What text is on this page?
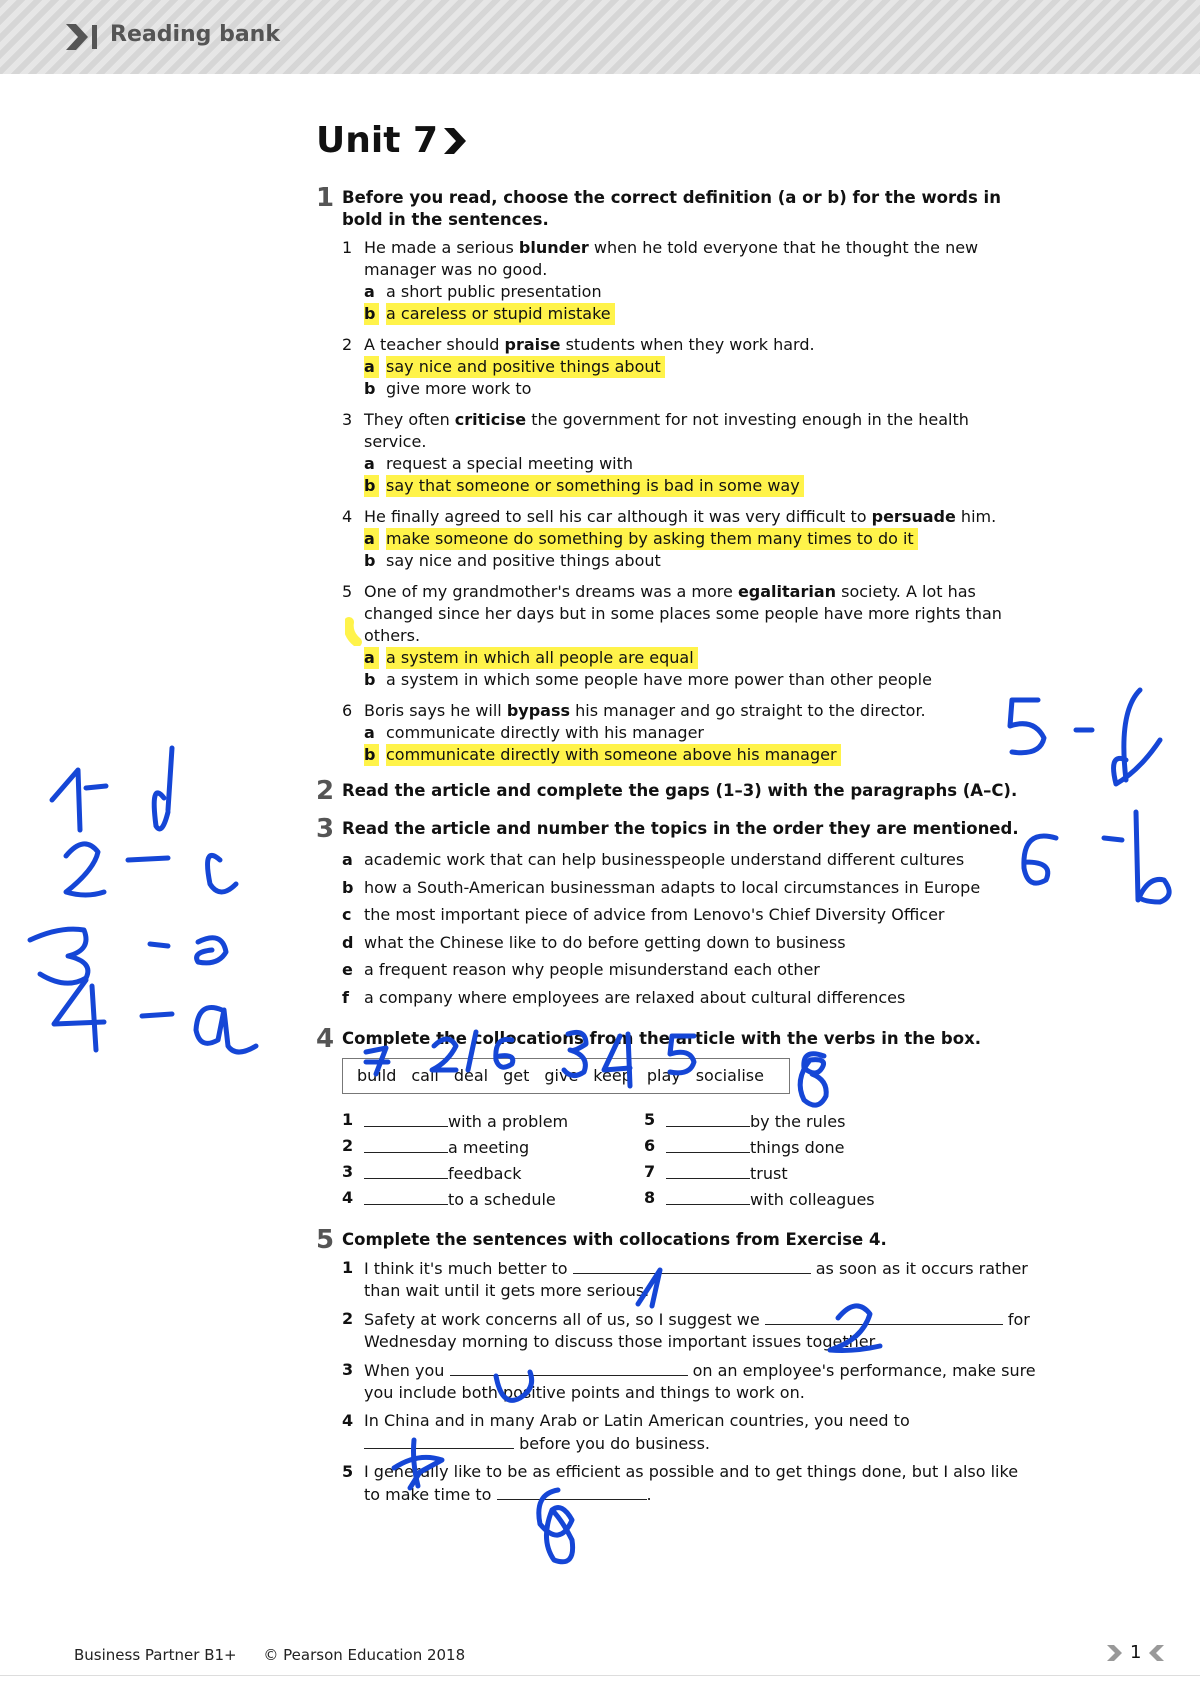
Reading bank
Unit 7
1 Before you read, choose the correct definition (a or b) for the words in bold in the sentences.
1 He made a serious blunder when he told everyone that he thought the new manager was no good.
a a short public presentation
b a careless or stupid mistake
2 A teacher should praise students when they work hard.
a say nice and positive things about
b give more work to
3 They often criticise the government for not investing enough in the health service.
a request a special meeting with
b say that someone or something is bad in some way
4 He finally agreed to sell his car although it was very difficult to persuade him.
a make someone do something by asking them many times to do it
b say nice and positive things about
5 One of my grandmother's dreams was a more egalitarian society. A lot has changed since her days but in some places some people have more rights than others.
a a system in which all people are equal
b a system in which some people have more power than other people
6 Boris says he will bypass his manager and go straight to the director.
a communicate directly with his manager
b communicate directly with someone above his manager
2 Read the article and complete the gaps (1–3) with the paragraphs (A–C).
3 Read the article and number the topics in the order they are mentioned.
a academic work that can help businesspeople understand different cultures
b how a South-American businessman adapts to local circumstances in Europe
c the most important piece of advice from Lenovo's Chief Diversity Officer
d what the Chinese like to do before getting down to business
e a frequent reason why people misunderstand each other
f a company where employees are relaxed about cultural differences
4 Complete the collocations from the article with the verbs in the box.
build call deal get give keep play socialise
1	with a problem	5	by the rules
2	a meeting	6	things done
3	feedback	7	trust
4	to a schedule	8	with colleagues
5 Complete the sentences with collocations from Exercise 4.
1 I think it's much better to	as soon as it occurs rather than wait until it gets more serious.
2 Safety at work concerns all of us, so I suggest we	for Wednesday morning to discuss those important issues together.
3 When you	on an employee's performance, make sure you include both positive points and things to work on.
4 In China and in many Arab or Latin American countries, you need to  before you do business.
5 I generally like to be as efficient as possible and to get things done, but I also like to make time to	.
Business Partner B1+ © Pearson Education 2018	1
